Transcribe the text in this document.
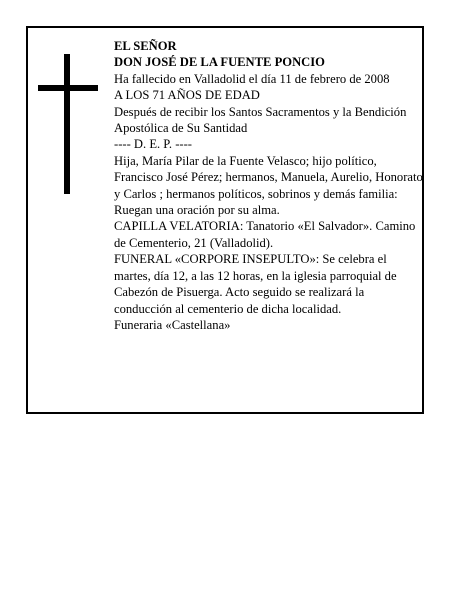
EL SEÑOR

DON JOSÉ DE LA FUENTE PONCIO

Ha fallecido en Valladolid el día 11 de febrero de 2008

A LOS 71 AÑOS DE EDAD

Después de recibir los Santos Sacramentos y la Bendición Apostólica de Su Santidad

---- D. E. P. ----

Hija, María Pilar de la Fuente Velasco; hijo político, Francisco José Pérez; hermanos, Manuela, Aurelio, Honorato y Carlos ; hermanos políticos, sobrinos y demás familia:

Ruegan una oración por su alma.

CAPILLA VELATORIA: Tanatorio «El Salvador». Camino de Cementerio, 21 (Valladolid).

FUNERAL «CORPORE INSEPULTO»: Se celebra el martes, día 12, a las 12 horas, en la iglesia parroquial de Cabezón de Pisuerga. Acto seguido se realizará la conducción al cementerio de dicha localidad.

Funeraria «Castellana»
